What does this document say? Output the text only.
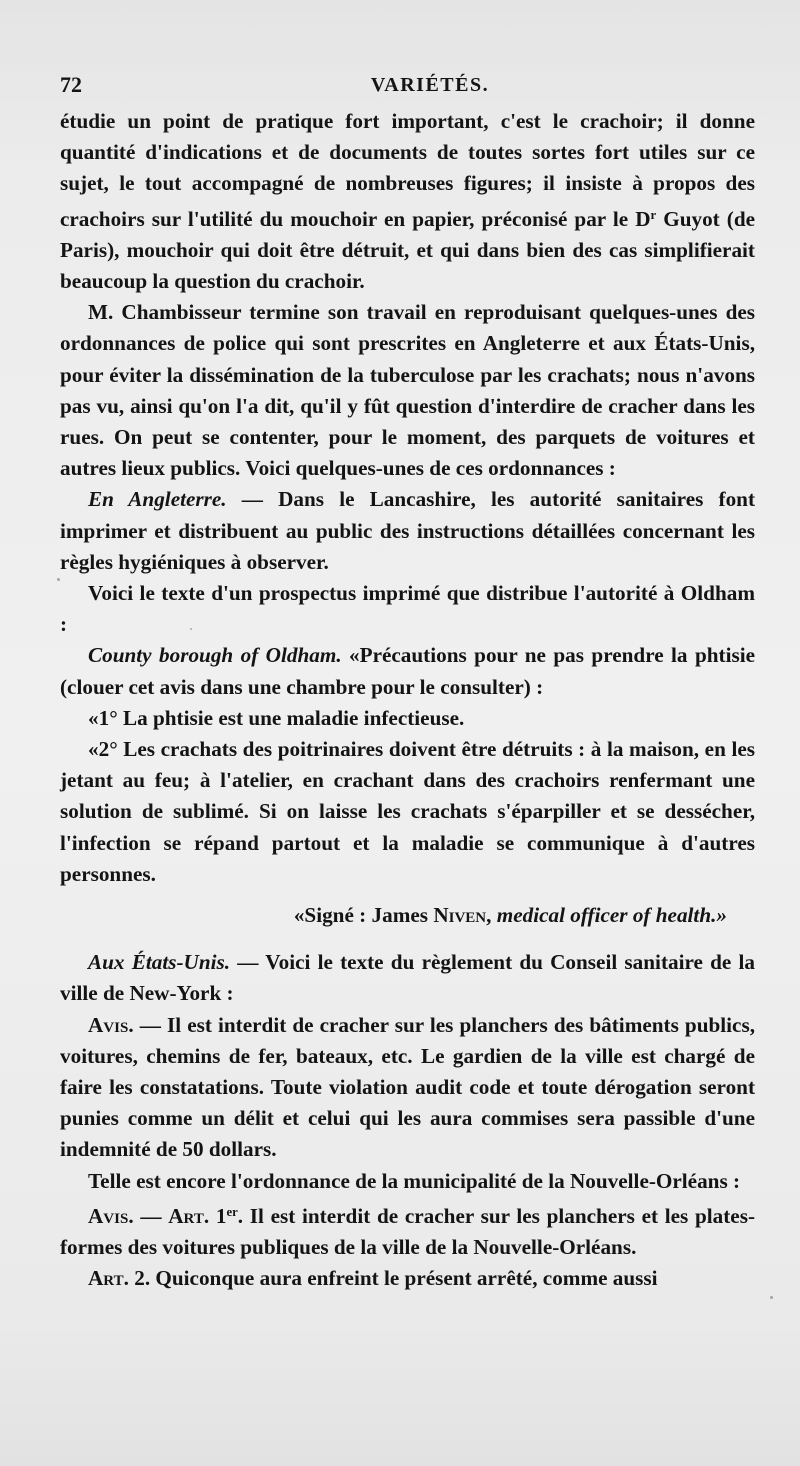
72	VARIÉTÉS.

étudie un point de pratique fort important, c'est le crachoir; il donne quantité d'indications et de documents de toutes sortes fort utiles sur ce sujet, le tout accompagné de nombreuses figures; il insiste à propos des crachoirs sur l'utilité du mouchoir en papier, préconisé par le $D^r$ Guyot (de Paris), mouchoir qui doit être détruit, et qui dans bien des cas simplifierait beaucoup la question du crachoir.

M. Chambisseur termine son travail en reproduisant quelques-unes des ordonnances de police qui sont prescrites en Angleterre et aux États-Unis, pour éviter la dissémination de la tuberculose par les crachats; nous n'avons pas vu, ainsi qu'on l'a dit, qu'il y fût question d'interdire de cracher dans les rues. On peut se contenter, pour le moment, des parquets de voitures et autres lieux publics. Voici quelques-unes de ces ordonnances :

En Angleterre. — Dans le Lancashire, les autorité sanitaires font imprimer et distribuent au public des instructions détaillées concernant les règles hygiéniques à observer.

Voici le texte d'un prospectus imprimé que distribue l'autorité à Oldham :

County borough of Oldham. «Précautions pour ne pas prendre la phtisie (clouer cet avis dans une chambre pour le consulter) :

«1° La phtisie est une maladie infectieuse.

«2° Les crachats des poitrinaires doivent être détruits : à la maison, en les jetant au feu; à l'atelier, en crachant dans des crachoirs renfermant une solution de sublimé. Si on laisse les crachats s'éparpiller et se dessécher, l'infection se répand partout et la maladie se communique à d'autres personnes.

«Signé : James Niven, medical officer of health.»

Aux États-Unis. — Voici le texte du règlement du Conseil sanitaire de la ville de New-York :

Avis. — Il est interdit de cracher sur les planchers des bâtiments publics, voitures, chemins de fer, bateaux, etc. Le gardien de la ville est chargé de faire les constatations. Toute violation audit code et toute dérogation seront punies comme un délit et celui qui les aura commises sera passible d'une indemnité de 50 dollars.

Telle est encore l'ordonnance de la municipalité de la Nouvelle-Orléans :

Avis. — Art. 1er. Il est interdit de cracher sur les planchers et les plates-formes des voitures publiques de la ville de la Nouvelle-Orléans.

Art. 2. Quiconque aura enfreint le présent arrêté, comme aussi
